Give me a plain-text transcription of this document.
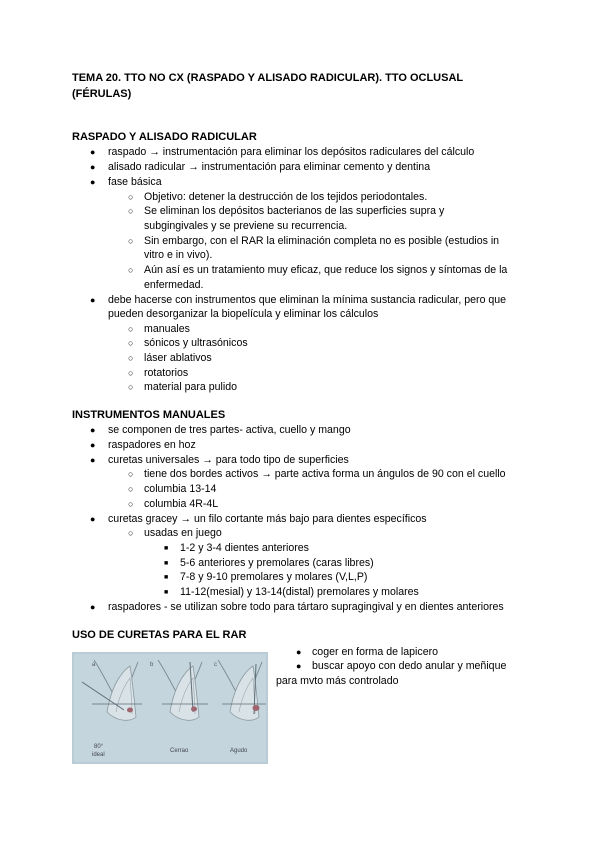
TEMA 20. TTO NO CX (RASPADO Y ALISADO RADICULAR). TTO OCLUSAL
(FÉRULAS)
RASPADO Y ALISADO RADICULAR
● raspado → instrumentación para eliminar los depósitos radiculares del cálculo
● alisado radicular → instrumentación para eliminar cemento y dentina
● fase básica
○ Objetivo: detener la destrucción de los tejidos periodontales.
○ Se eliminan los depósitos bacterianos de las superficies supra y
subgingivales y se previene su recurrencia.
○ Sin embargo, con el RAR la eliminación completa no es posible (estudios in
vitro e in vivo).
○ Aún así es un tratamiento muy eficaz, que reduce los signos y síntomas de la
enfermedad.
● debe hacerse con instrumentos que eliminan la mínima sustancia radicular, pero que
pueden desorganizar la biopelícula y eliminar los cálculos
○ manuales
○ sónicos y ultrasónicos
○ láser ablativos
○ rotatorios
○ material para pulido
INSTRUMENTOS MANUALES
● se componen de tres partes- activa, cuello y mango
● raspadores en hoz
● curetas universales → para todo tipo de superficies
○ tiene dos bordes activos → parte activa forma un ángulos de 90 con el cuello
○ columbia 13-14
○ columbia 4R-4L
● curetas gracey → un filo cortante más bajo para dientes específicos
○ usadas en juego
■ 1-2 y 3-4 dientes anteriores
■ 5-6 anteriores y premolares (caras libres)
■ 7-8 y 9-10 premolares y molares (V,L,P)
■ 11-12(mesial) y 13-14(distal) premolares y molares
● raspadores - se utilizan sobre todo para tártaro supragingival y en dientes anteriores
USO DE CURETAS PARA EL RAR
● coger en forma de lapicero
● buscar apoyo con dedo anular y meñique
para mvto más controlado
a	b	c
80°
ideal
Cerrao	Agudo
